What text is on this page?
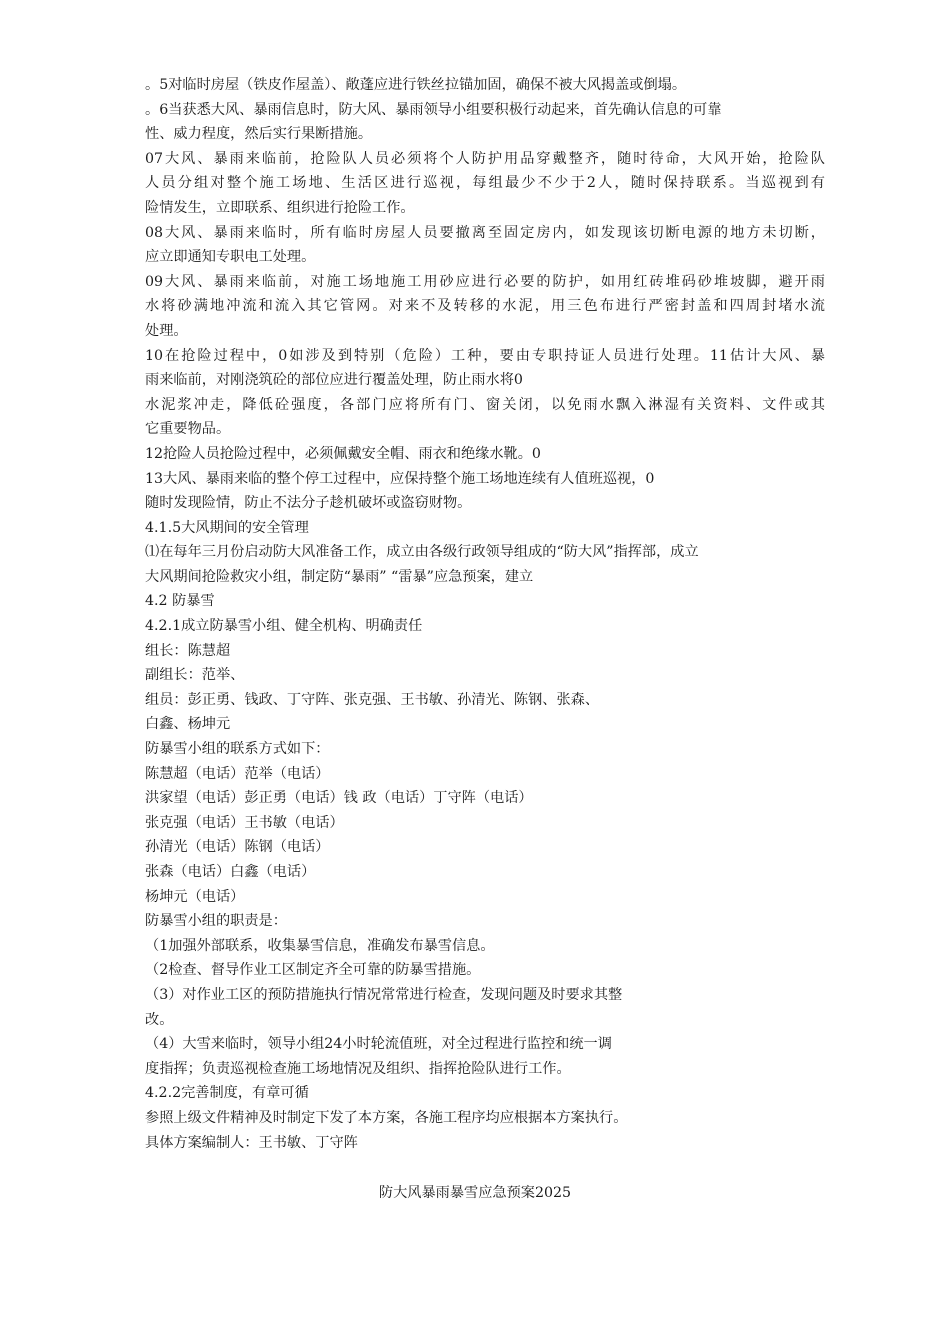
。5对临时房屋（铁皮作屋盖）、敞蓬应进行铁丝拉锚加固，确保不被大风揭盖或倒塌。
。6当获悉大风、暴雨信息时，防大风、暴雨领导小组要积极行动起来，首先确认信息的可靠
性、威力程度，然后实行果断措施。
07大风、暴雨来临前，抢险队人员必须将个人防护用品穿戴整齐，随时待命，大风开始，抢险队
人员分组对整个施工场地、生活区进行巡视，每组最少不少于2人，随时保持联系。当巡视到有
险情发生，立即联系、组织进行抢险工作。
08大风、暴雨来临时，所有临时房屋人员要撤离至固定房内，如发现该切断电源的地方未切断，
应立即通知专职电工处理。
09大风、暴雨来临前，对施工场地施工用砂应进行必要的防护，如用红砖堆码砂堆坡脚，避开雨
水将砂满地冲流和流入其它管网。对来不及转移的水泥，用三色布进行严密封盖和四周封堵水流
处理。
10在抢险过程中，0如涉及到特别（危险）工种，要由专职持证人员进行处理。11估计大风、暴
雨来临前，对刚浇筑砼的部位应进行覆盖处理，防止雨水将0
水泥浆冲走，降低砼强度，各部门应将所有门、窗关闭，以免雨水飘入淋湿有关资料、文件或其
它重要物品。
12抢险人员抢险过程中，必须佩戴安全帽、雨衣和绝缘水靴。0
13大风、暴雨来临的整个停工过程中，应保持整个施工场地连续有人值班巡视，0
随时发现险情，防止不法分子趁机破坏或盗窃财物。
4.1.5大风期间的安全管理
⑴在每年三月份启动防大风准备工作，成立由各级行政领导组成的“防大风”指挥部，成立
大风期间抢险救灾小组，制定防“暴雨” “雷暴”应急预案，建立
4.2 防暴雪
4.2.1成立防暴雪小组、健全机构、明确责任
组长：陈慧超
副组长：范举、
组员：彭正勇、钱政、丁守阵、张克强、王书敏、孙清光、陈钢、张森、
白鑫、杨坤元
防暴雪小组的联系方式如下：
陈慧超（电话）范举（电话）
洪家望（电话）彭正勇（电话）钱 政（电话）丁守阵（电话）
张克强（电话）王书敏（电话）
孙清光（电话）陈钢（电话）
张森（电话）白鑫（电话）
杨坤元（电话）
防暴雪小组的职责是：
（1加强外部联系，收集暴雪信息，准确发布暴雪信息。
（2检查、督导作业工区制定齐全可靠的防暴雪措施。
（3）对作业工区的预防措施执行情况常常进行检查，发现问题及时要求其整
改。
（4）大雪来临时，领导小组24小时轮流值班，对全过程进行监控和统一调
度指挥；负责巡视检查施工场地情况及组织、指挥抢险队进行工作。
4.2.2完善制度，有章可循
参照上级文件精神及时制定下发了本方案，各施工程序均应根据本方案执行。
具体方案编制人：王书敏、丁守阵
防大风暴雨暴雪应急预案2025
